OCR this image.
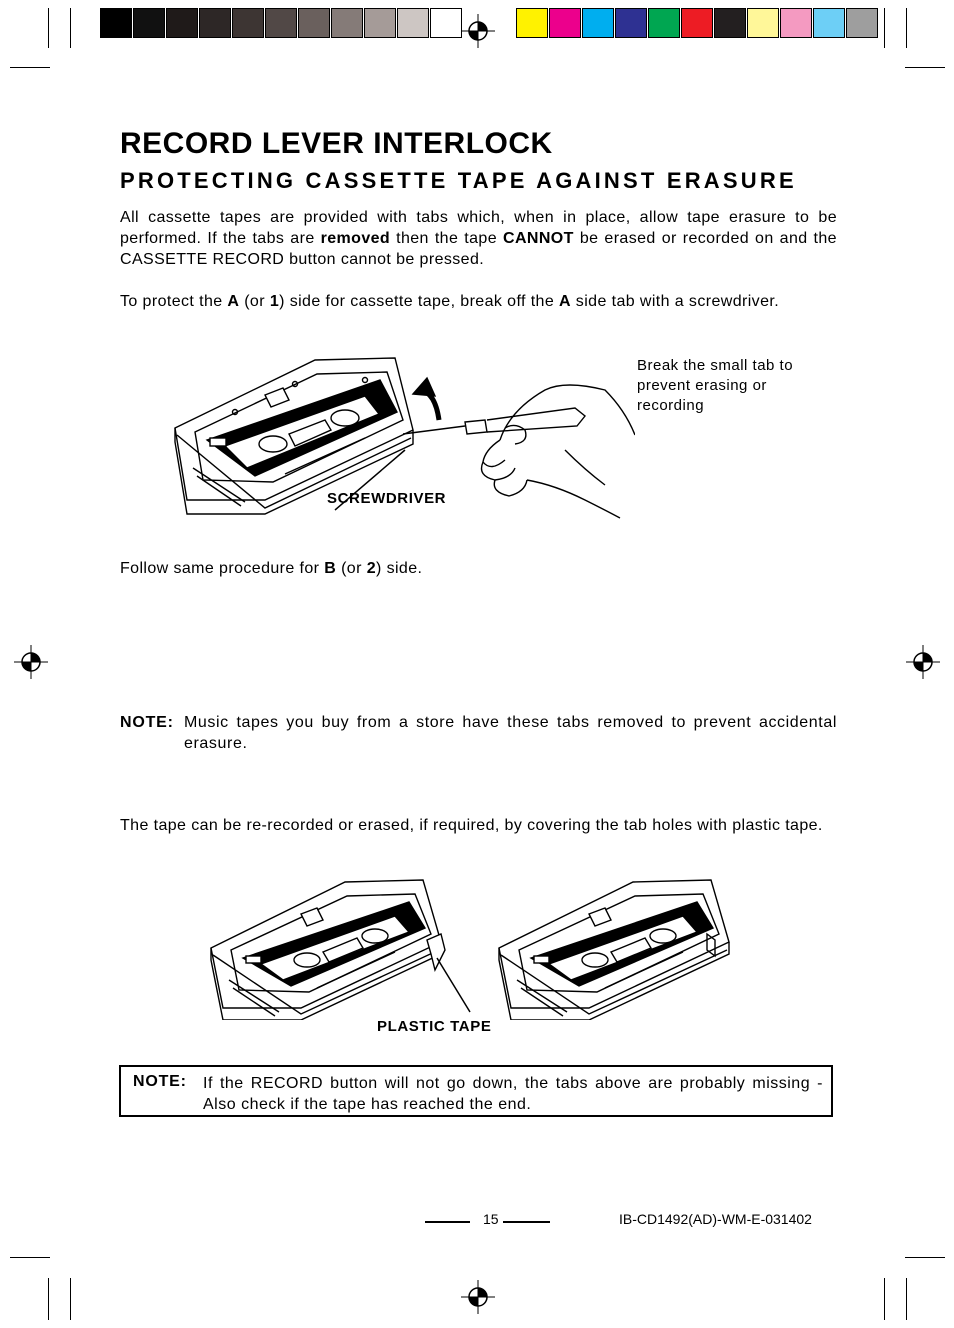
RECORD LEVER INTERLOCK
PROTECTING CASSETTE TAPE AGAINST ERASURE

All cassette tapes are provided with tabs which, when in place, allow tape erasure to be performed. If the tabs are removed then the tape CANNOT be erased or recorded on and the CASSETTE RECORD button cannot be pressed.

To protect the A (or 1) side for cassette tape, break off the A side tab with a screwdriver.

Break the small tab to prevent erasing or recording
SCREWDRIVER

Follow same procedure for B (or 2) side.

NOTE: Music tapes you buy from a store have these tabs removed to prevent accidental erasure.

The tape can be re-recorded or erased, if required, by covering the tab holes with plastic tape.

PLASTIC TAPE
NOTE: If the RECORD button will not go down, the tabs above are probably missing - Also check if the tape has reached the end.

15	IB-CD1492(AD)-WM-E-031402
